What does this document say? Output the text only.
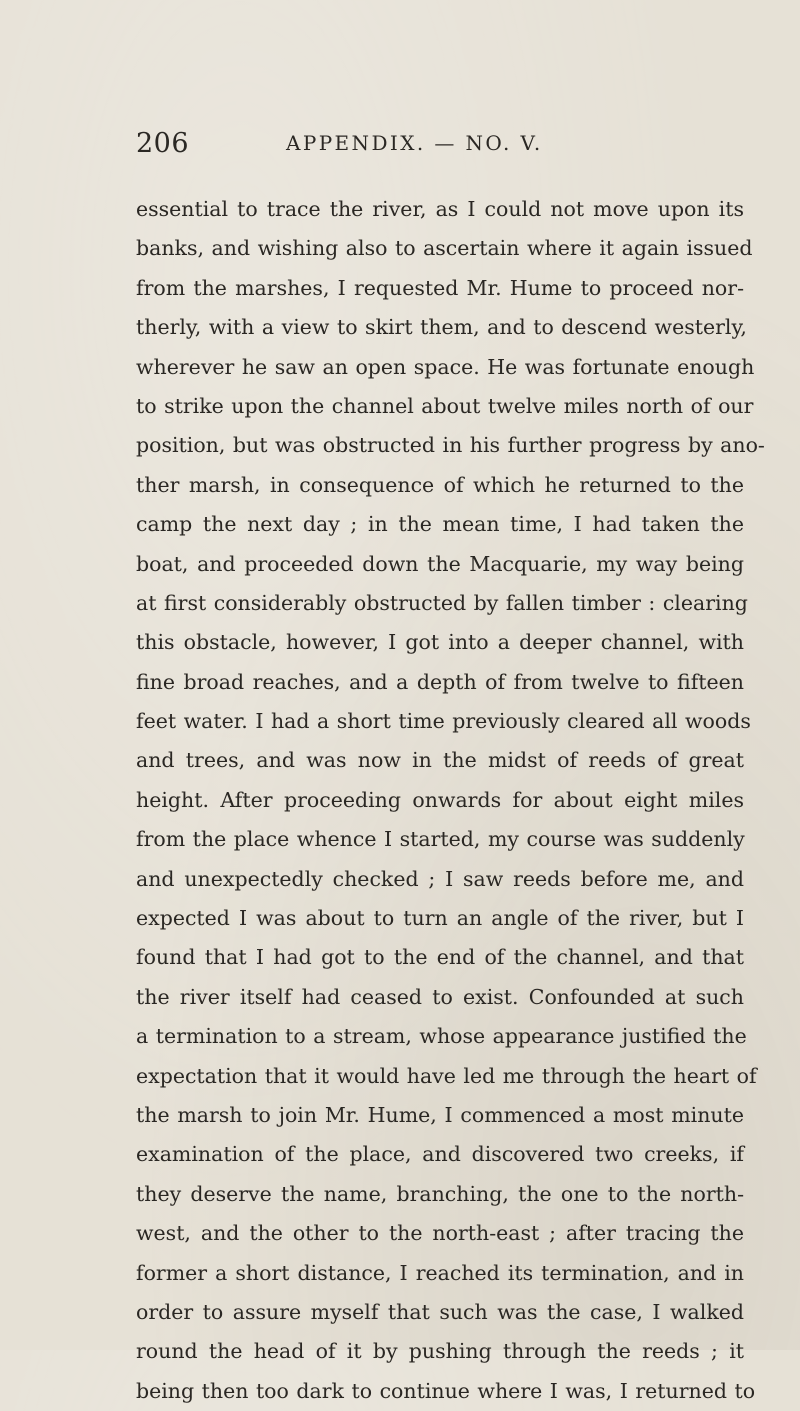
206	APPENDIX. — NO. V.
essential to trace the river, as I could not move upon its
banks, and wishing also to ascertain where it again issued
from the marshes, I requested Mr. Hume to proceed nor-
therly, with a view to skirt them, and to descend westerly,
wherever he saw an open space. He was fortunate enough
to strike upon the channel about twelve miles north of our
position, but was obstructed in his further progress by ano-
ther marsh, in consequence of which he returned to the
camp the next day ; in the mean time, I had taken the
boat, and proceeded down the Macquarie, my way being
at first considerably obstructed by fallen timber : clearing
this obstacle, however, I got into a deeper channel, with
fine broad reaches, and a depth of from twelve to fifteen
feet water. I had a short time previously cleared all woods
and trees, and was now in the midst of reeds of great
height. After proceeding onwards for about eight miles
from the place whence I started, my course was suddenly
and unexpectedly checked ; I saw reeds before me, and
expected I was about to turn an angle of the river, but I
found that I had got to the end of the channel, and that
the river itself had ceased to exist. Confounded at such
a termination to a stream, whose appearance justified the
expectation that it would have led me through the heart of
the marsh to join Mr. Hume, I commenced a most minute
examination of the place, and discovered two creeks, if
they deserve the name, branching, the one to the north-
west, and the other to the north-east ; after tracing the
former a short distance, I reached its termination, and in
order to assure myself that such was the case, I walked
round the head of it by pushing through the reeds ; it
being then too dark to continue where I was, I returned to
